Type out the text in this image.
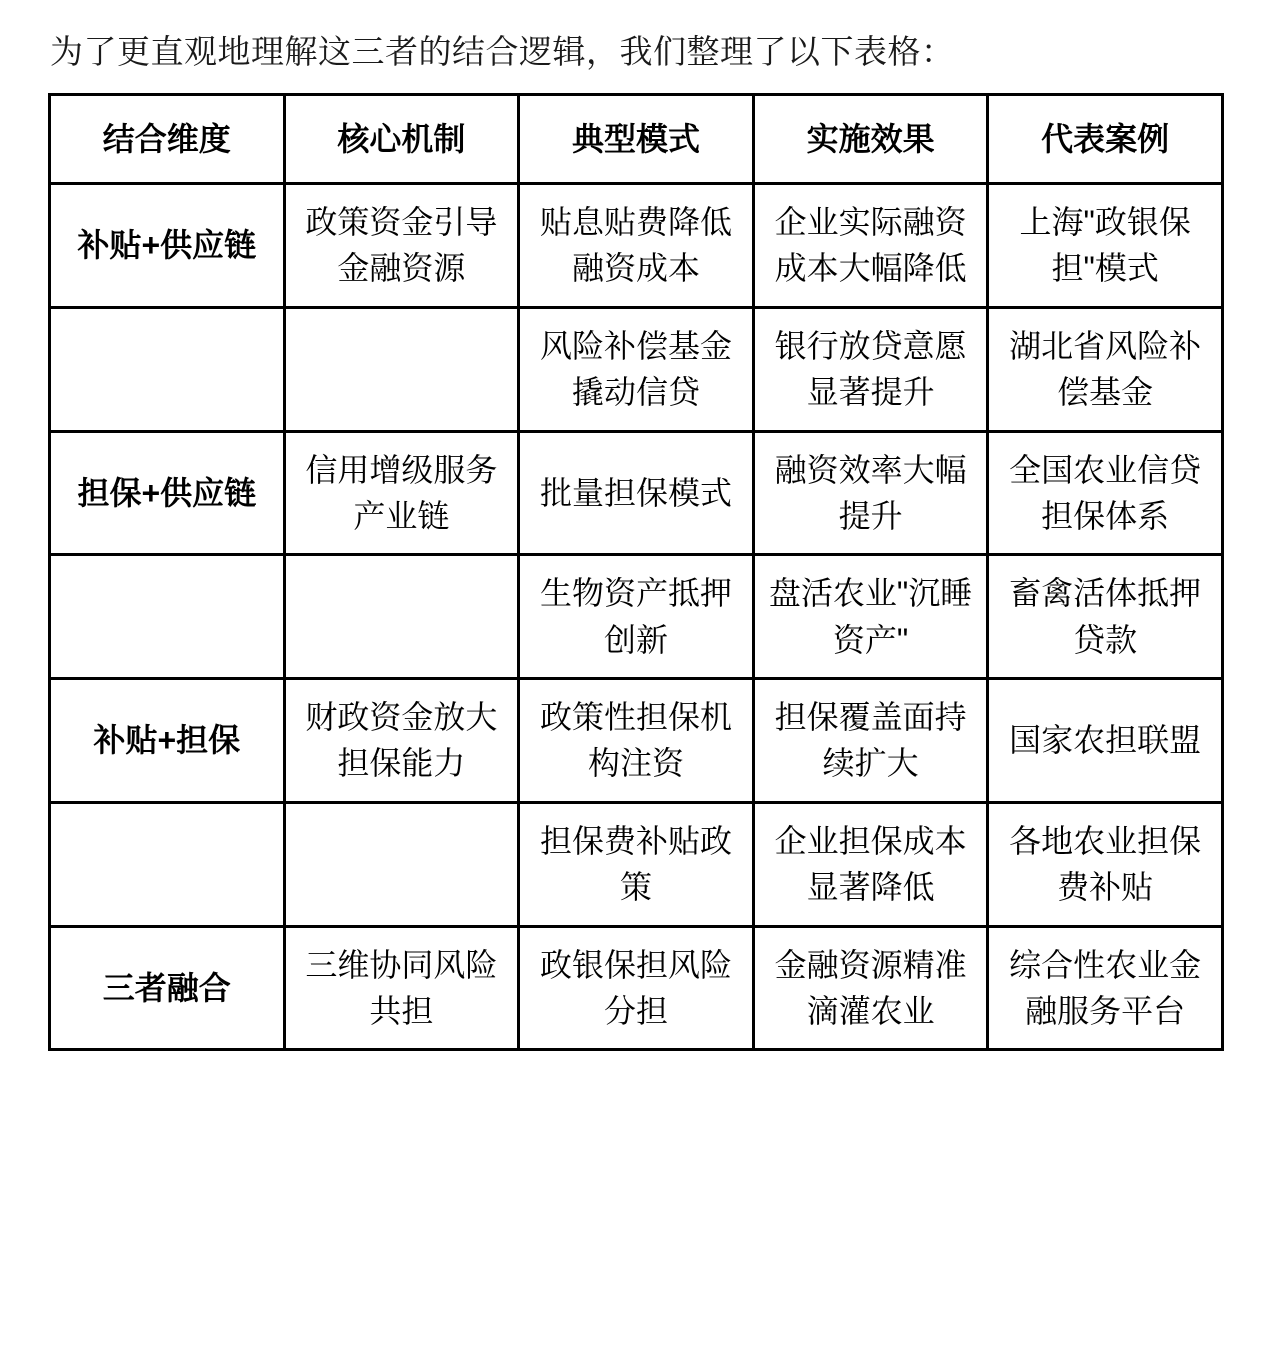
为了更直观地理解这三者的结合逻辑，我们整理了以下表格：

结合维度	核心机制	典型模式	实施效果	代表案例
补贴+供应链	政策资金引导金融资源	贴息贴费降低融资成本	企业实际融资成本大幅降低	上海"政银保担"模式
		风险补偿基金撬动信贷	银行放贷意愿显著提升	湖北省风险补偿基金
担保+供应链	信用增级服务产业链	批量担保模式	融资效率大幅提升	全国农业信贷担保体系
		生物资产抵押创新	盘活农业"沉睡资产"	畜禽活体抵押贷款
补贴+担保	财政资金放大担保能力	政策性担保机构注资	担保覆盖面持续扩大	国家农担联盟
		担保费补贴政策	企业担保成本显著降低	各地农业担保费补贴
三者融合	三维协同风险共担	政银保担风险分担	金融资源精准滴灌农业	综合性农业金融服务平台
